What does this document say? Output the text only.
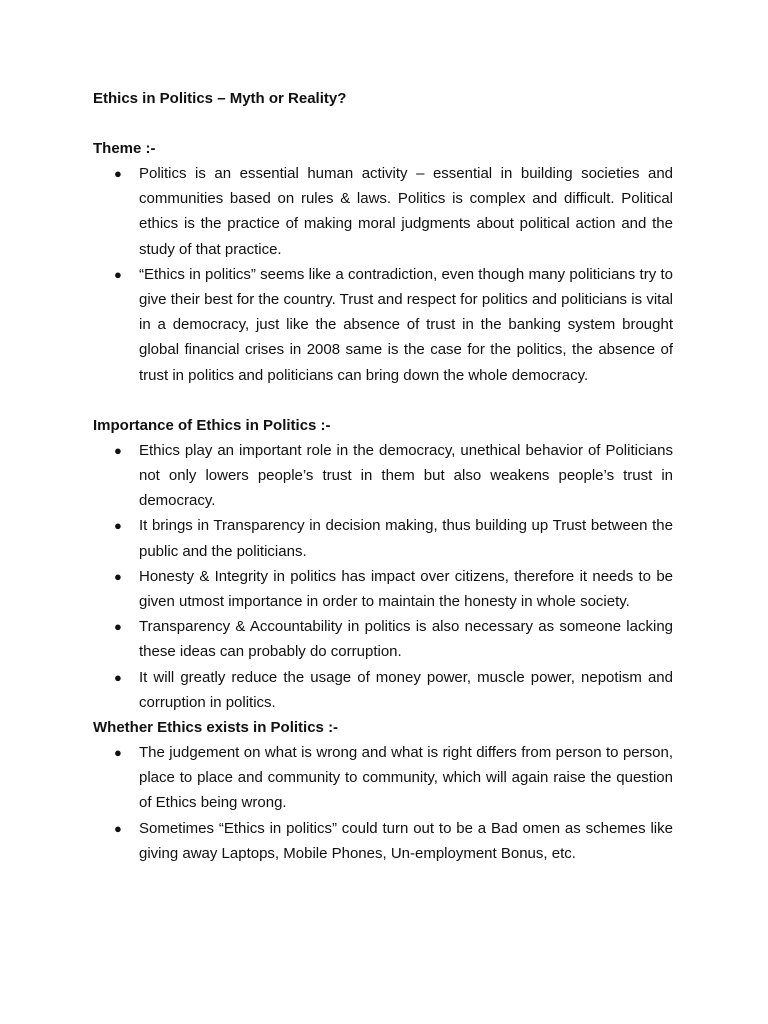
Ethics in Politics – Myth or Reality?
Theme :-
● Politics is an essential human activity – essential in building societies and communities based on rules & laws. Politics is complex and difficult. Political ethics is the practice of making moral judgments about political action and the study of that practice.
● “Ethics in politics” seems like a contradiction, even though many politicians try to give their best for the country. Trust and respect for politics and politicians is vital in a democracy, just like the absence of trust in the banking system brought global financial crises in 2008 same is the case for the politics, the absence of trust in politics and politicians can bring down the whole democracy.
Importance of Ethics in Politics :-
● Ethics play an important role in the democracy, unethical behavior of Politicians not only lowers people’s trust in them but also weakens people’s trust in democracy.
● It brings in Transparency in decision making, thus building up Trust between the public and the politicians.
● Honesty & Integrity in politics has impact over citizens, therefore it needs to be given utmost importance in order to maintain the honesty in whole society.
● Transparency & Accountability in politics is also necessary as someone lacking these ideas can probably do corruption.
● It will greatly reduce the usage of money power, muscle power, nepotism and corruption in politics.
Whether Ethics exists in Politics :-
● The judgement on what is wrong and what is right differs from person to person, place to place and community to community, which will again raise the question of Ethics being wrong.
● Sometimes “Ethics in politics” could turn out to be a Bad omen as schemes like giving away Laptops, Mobile Phones, Un-employment Bonus, etc.
